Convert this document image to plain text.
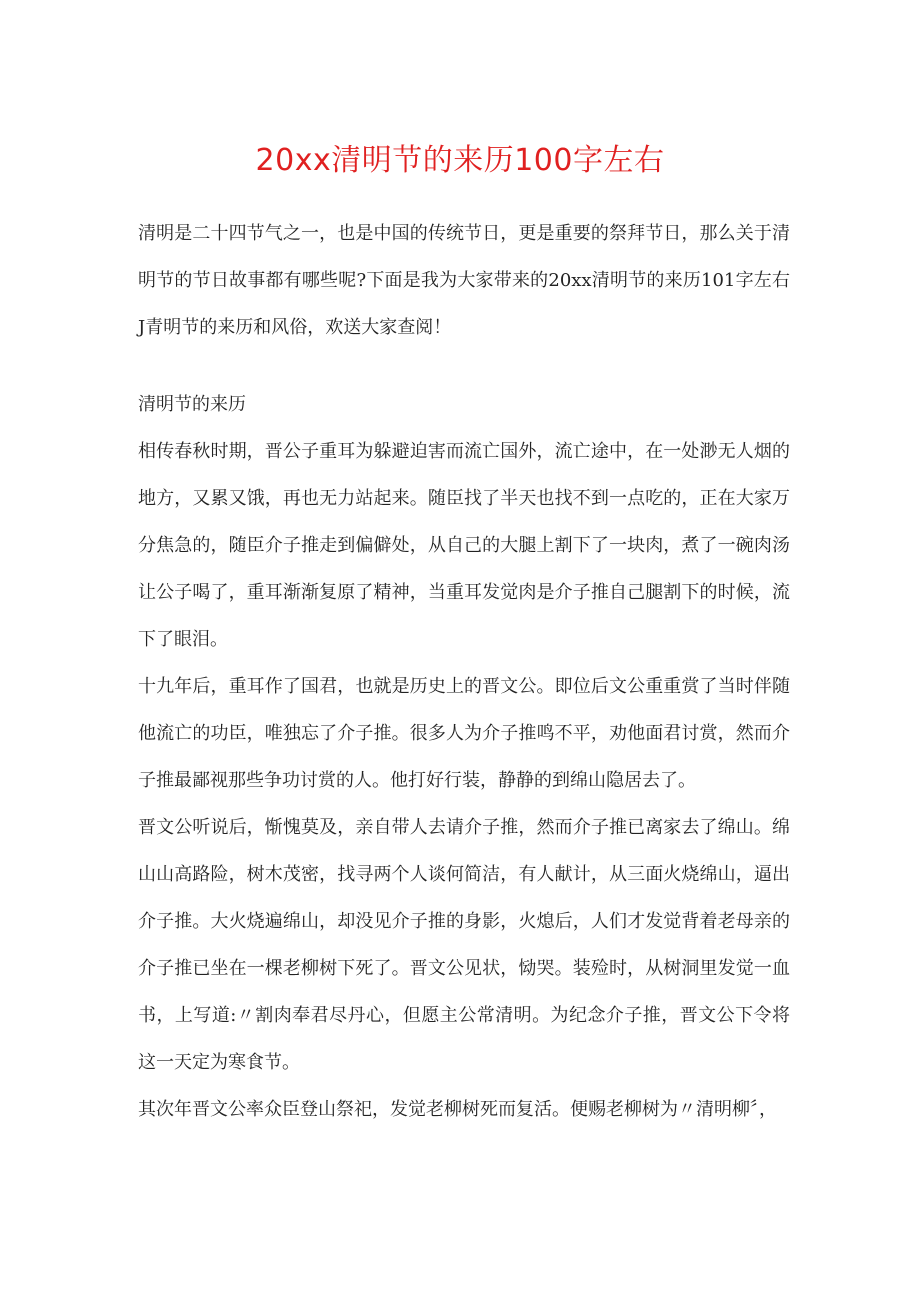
20xx清明节的来历100字左右

清明是二十四节气之一，也是中国的传统节日，更是重要的祭拜节日，那么关于清明节的节日故事都有哪些呢?下面是我为大家带来的20xx清明节的来历101字左右J青明节的来历和风俗，欢送大家查阅！

清明节的来历

相传春秋时期，晋公子重耳为躲避迫害而流亡国外，流亡途中，在一处渺无人烟的地方，又累又饿，再也无力站起来。随臣找了半天也找不到一点吃的，正在大家万分焦急的，随臣介子推走到偏僻处，从自己的大腿上割下了一块肉，煮了一碗肉汤让公子喝了，重耳渐渐复原了精神，当重耳发觉肉是介子推自己腿割下的时候，流下了眼泪。

十九年后，重耳作了国君，也就是历史上的晋文公。即位后文公重重赏了当时伴随他流亡的功臣，唯独忘了介子推。很多人为介子推鸣不平，劝他面君讨赏，然而介子推最鄙视那些争功讨赏的人。他打好行装，静静的到绵山隐居去了。

晋文公听说后，惭愧莫及，亲自带人去请介子推，然而介子推已离家去了绵山。绵山山高路险，树木茂密，找寻两个人谈何简洁，有人献计，从三面火烧绵山，逼出介子推。大火烧遍绵山，却没见介子推的身影，火熄后，人们才发觉背着老母亲的介子推已坐在一棵老柳树下死了。晋文公见状，恸哭。装殓时，从树洞里发觉一血书，上写道:〃割肉奉君尽丹心，但愿主公常清明。为纪念介子推，晋文公下令将这一天定为寒食节。

其次年晋文公率众臣登山祭祀，发觉老柳树死而复活。便赐老柳树为〃清明柳〞，
